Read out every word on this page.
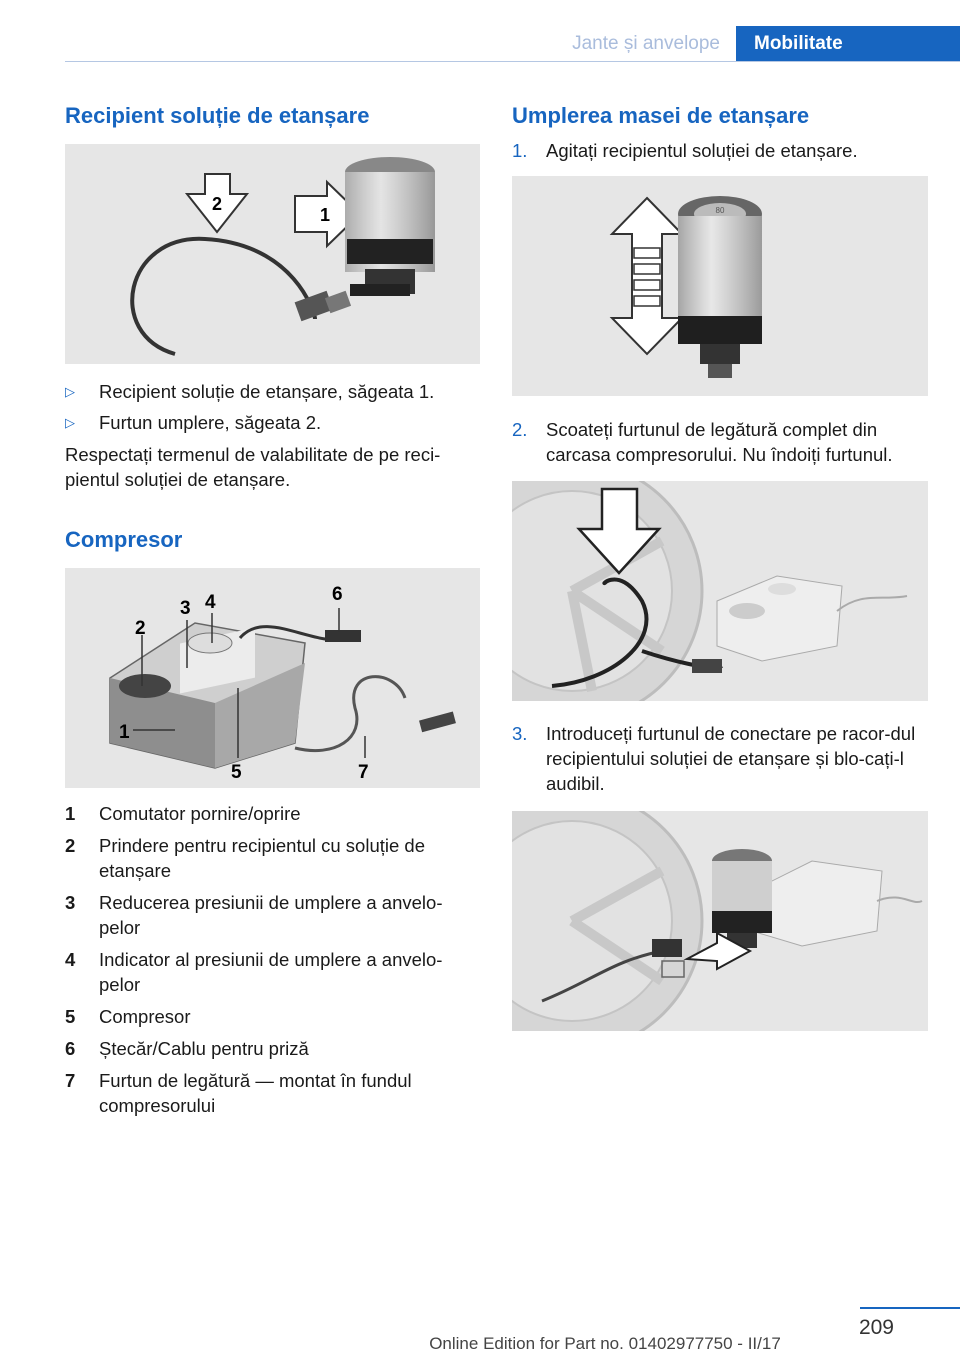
Jante și anvelope	Mobilitate
Recipient soluție de etanșare
2
1
▷ Recipient soluție de etanșare, săgeata 1.
▷ Furtun umplere, săgeata 2.
Respectați termenul de valabilitate de pe reci-pientul soluției de etanșare.
Compresor
1
2
3 4
5
6
7
1 Comutator pornire/oprire
2 Prindere pentru recipientul cu soluție de etanșare
3 Reducerea presiunii de umplere a anvelo-pelor
4 Indicator al presiunii de umplere a anvelo-pelor
5 Compresor
6 Ștecăr/Cablu pentru priză
7 Furtun de legătură — montat în fundul compresorului
Umplerea masei de etanșare
1. Agitați recipientul soluției de etanșare.
80
2. Scoateți furtunul de legătură complet din carcasa compresorului. Nu îndoiți furtunul.
3. Introduceți furtunul de conectare pe racor-dul recipientului soluției de etanșare și blo-cați-l audibil.
209
Online Edition for Part no. 01402977750 - II/17
